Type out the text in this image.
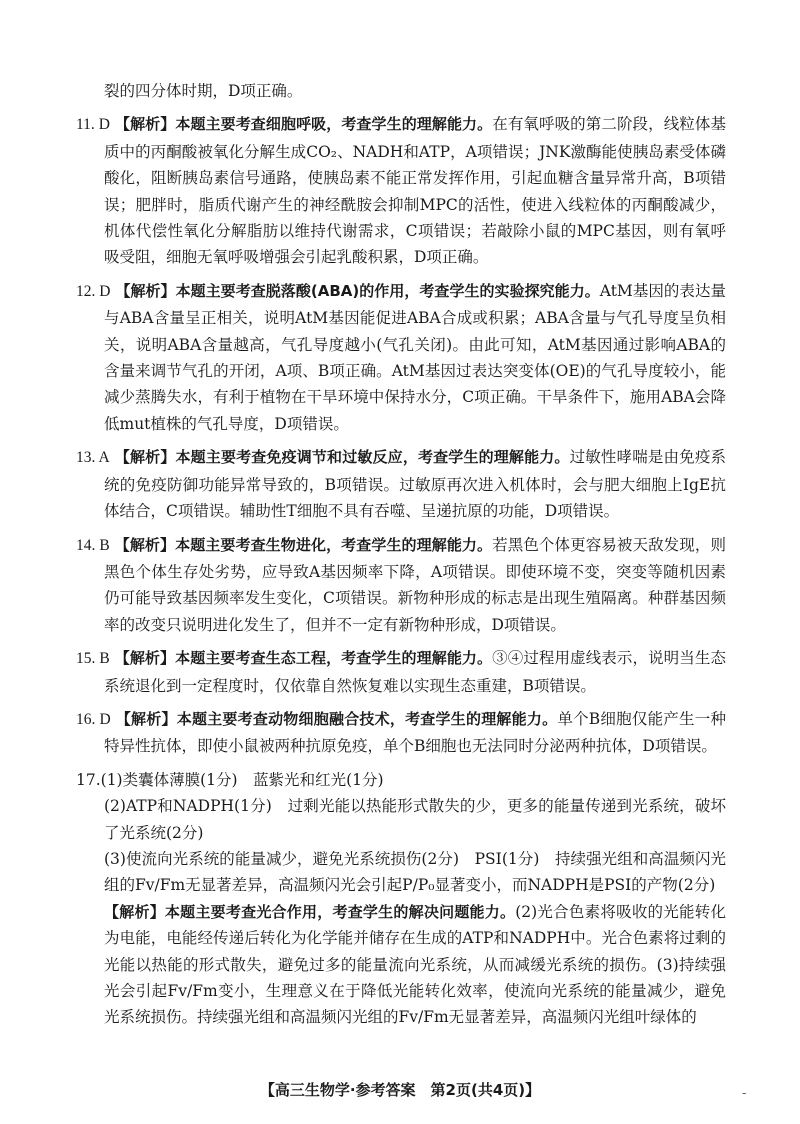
裂的四分体时期，D项正确。

11. D 【解析】本题主要考查细胞呼吸，考查学生的理解能力。在有氧呼吸的第二阶段，线粒体基质中的丙酮酸被氧化分解生成CO₂、NADH和ATP，A项错误；JNK激酶能使胰岛素受体磷酸化，阻断胰岛素信号通路，使胰岛素不能正常发挥作用，引起血糖含量异常升高，B项错误；肥胖时，脂质代谢产生的神经酰胺会抑制MPC的活性，使进入线粒体的丙酮酸减少，机体代偿性氧化分解脂肪以维持代谢需求，C项错误；若敲除小鼠的MPC基因，则有氧呼吸受阻，细胞无氧呼吸增强会引起乳酸积累，D项正确。

12. D 【解析】本题主要考查脱落酸(ABA)的作用，考查学生的实验探究能力。AtM基因的表达量与ABA含量呈正相关，说明AtM基因能促进ABA合成或积累；ABA含量与气孔导度呈负相关，说明ABA含量越高，气孔导度越小(气孔关闭)。由此可知，AtM基因通过影响ABA的含量来调节气孔的开闭，A项、B项正确。AtM基因过表达突变体(OE)的气孔导度较小，能减少蒸腾失水，有利于植物在干旱环境中保持水分，C项正确。干旱条件下，施用ABA会降低mut植株的气孔导度，D项错误。

13. A 【解析】本题主要考查免疫调节和过敏反应，考查学生的理解能力。过敏性哮喘是由免疫系统的免疫防御功能异常导致的，B项错误。过敏原再次进入机体时，会与肥大细胞上IgE抗体结合，C项错误。辅助性T细胞不具有吞噬、呈递抗原的功能，D项错误。

14. B 【解析】本题主要考查生物进化，考查学生的理解能力。若黑色个体更容易被天敌发现，则黑色个体生存处劣势，应导致A基因频率下降，A项错误。即使环境不变，突变等随机因素仍可能导致基因频率发生变化，C项错误。新物种形成的标志是出现生殖隔离。种群基因频率的改变只说明进化发生了，但并不一定有新物种形成，D项错误。

15. B 【解析】本题主要考查生态工程，考查学生的理解能力。③④过程用虚线表示，说明当生态系统退化到一定程度时，仅依靠自然恢复难以实现生态重建，B项错误。

16. D 【解析】本题主要考查动物细胞融合技术，考查学生的理解能力。单个B细胞仅能产生一种特异性抗体，即使小鼠被两种抗原免疫，单个B细胞也无法同时分泌两种抗体，D项错误。

17.(1)类囊体薄膜(1分)　蓝紫光和红光(1分)

(2)ATP和NADPH(1分)　过剩光能以热能形式散失的少，更多的能量传递到光系统，破坏了光系统(2分)

(3)使流向光系统的能量减少，避免光系统损伤(2分)　PSⅠ(1分)　持续强光组和高温频闪光组的Fv/Fm无显著差异，高温频闪光会引起P/P₀显著变小，而NADPH是PSⅠ的产物(2分)

【解析】本题主要考查光合作用，考查学生的解决问题能力。(2)光合色素将吸收的光能转化为电能，电能经传递后转化为化学能并储存在生成的ATP和NADPH中。光合色素将过剩的光能以热能的形式散失，避免过多的能量流向光系统，从而减缓光系统的损伤。(3)持续强光会引起Fv/Fm变小，生理意义在于降低光能转化效率，使流向光系统的能量减少，避免光系统损伤。持续强光组和高温频闪光组的Fv/Fm无显著差异，高温频闪光组叶绿体的

【高三生物学·参考答案　第2页(共4页)】	-
